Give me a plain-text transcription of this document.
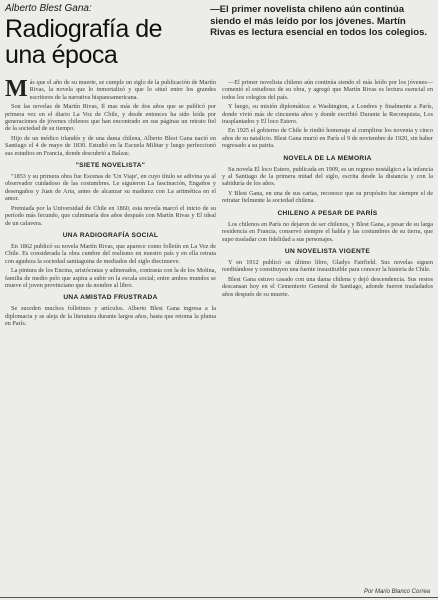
Alberto Blest Gana:

Radiografía de
una época
—El primer novelista chileno aún continúa siendo el más leído por los jóvenes. Martín Rivas es lectura esencial en todos los colegios.
M ás que el año de su muerte, se cumple un siglo de la publicación de Martín Rivas, la novela que lo inmortalizó y que lo situó entre los grandes escritores de la narrativa hispanoamericana.
Son las novelas de Martín Rivas, Il mas más de dos años que se publicó por primera vez en el diario La Voz de Chile, y desde entonces ha sido leída por generaciones de jóvenes chilenos que han encontrado en sus páginas un retrato fiel de la sociedad de su tiempo.
Hijo de un médico irlandés y de una dama chilena, Alberto Blest Gana nació en Santiago el 4 de mayo de 1830. Estudió en la Escuela Militar y luego perfeccionó sus estudios en Francia, donde descubrió a Balzac.
"SIETE NOVELISTA"
"1853 y su primera obra fue Escenas de 'Un Viaje', en cuyo título se adivina ya al observador cuidadoso de las costumbres. Le siguieron La fascinación, Engaños y desengaños y Juan de Aria, antes de alcanzar su madurez con La aritmética en el amor.
Premiada por la Universidad de Chile en 1860, esta novela marcó el inicio de su período más fecundo, que culminaría dos años después con Martín Rivas y El ideal de un calavera.
UNA RADIOGRAFÍA SOCIAL
En 1862 publicó su novela Martín Rivas, que aparece como folletín en La Voz de Chile. Es considerada la obra cumbre del realismo en nuestro país y en ella retrata con agudeza la sociedad santiaguina de mediados del siglo diecinueve.
La pintura de los Encina, aristócratas y adinerados, contrasta con la de los Molina, familia de medio pelo que aspira a subir en la escala social; entre ambos mundos se mueve el joven provinciano que da nombre al libro.
UNA AMISTAD FRUSTRADA
Se suceden muchos folletines y artículos. Alberto Blest Gana ingresa a la diplomacia y se aleja de la literatura durante largos años, hasta que retoma la pluma en París.
—El primer novelista chileno aún continúa siendo el más leído por los jóvenes— comentó el estudioso de su obra, y agregó que Martín Rivas es lectura esencial en todos los colegios del país.
Y luego, su misión diplomática: a Washington, a Londres y finalmente a París, donde vivió más de cincuenta años y donde escribió Durante la Reconquista, Los trasplantados y El loco Estero.
En 1925 el gobierno de Chile le rindió homenaje al cumplirse los noventa y cinco años de su natalicio. Blest Gana murió en París el 9 de noviembre de 1920, sin haber regresado a su patria.
NOVELA DE LA MEMORIA
Su novela El loco Estero, publicada en 1909, es un regreso nostálgico a la infancia y al Santiago de la primera mitad del siglo, escrita desde la distancia y con la sabiduría de los años.
Y Blest Gana, en una de sus cartas, reconoce que su propósito fue siempre el de retratar fielmente la sociedad chilena.
CHILENO A PESAR DE PARÍS
Los chilenos en París no dejaron de ser chilenos, y Blest Gana, a pesar de su larga residencia en Francia, conservó siempre el habla y las costumbres de su tierra, que supo trasladar con fidelidad a sus personajes.
UN NOVELISTA VIGENTE
Y en 1912 publicó su último libro, Gladys Fairfield. Sus novelas siguen reeditándose y constituyen una fuente insustituible para conocer la historia de Chile.
Blest Gana estuvo casado con una dama chilena y dejó descendencia. Sus restos descansan hoy en el Cementerio General de Santiago, adonde fueron trasladados años después de su muerte.
Por Mario Blanco Correa
